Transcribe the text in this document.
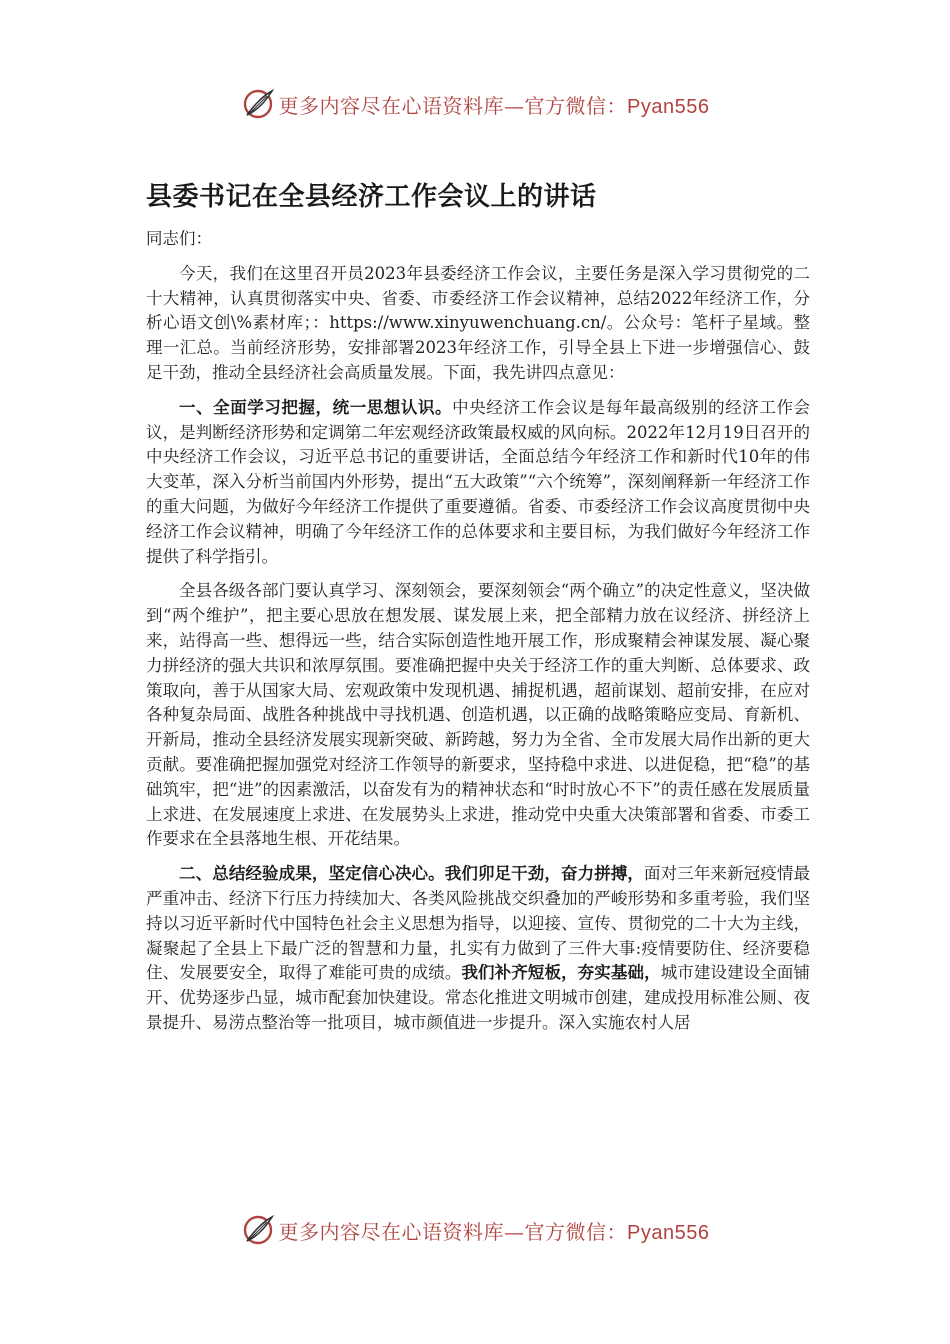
更多内容尽在心语资料库—官方微信：Pyan556
县委书记在全县经济工作会议上的讲话

同志们：

今天，我们在这里召开员2023年县委经济工作会议，主要任务是深入学习贯彻党的二十大精神，认真贯彻落实中央、省委、市委经济工作会议精神，总结2022年经济工作，分析心语文创\%素材库；：https://www.xinyuwenchuang.cn/。公众号：笔杆子星域。整理一汇总。当前经济形势，安排部署2023年经济工作，引导全县上下进一步增强信心、鼓足干劲，推动全县经济社会高质量发展。下面，我先讲四点意见：

一、全面学习把握，统一思想认识。中央经济工作会议是每年最高级别的经济工作会议，是判断经济形势和定调第二年宏观经济政策最权威的风向标。2022年12月19日召开的中央经济工作会议，习近平总书记的重要讲话，全面总结今年经济工作和新时代10年的伟大变革，深入分析当前国内外形势，提出“五大政策”“六个统筹”，深刻阐释新一年经济工作的重大问题，为做好今年经济工作提供了重要遵循。省委、市委经济工作会议高度贯彻中央经济工作会议精神，明确了今年经济工作的总体要求和主要目标，为我们做好今年经济工作提供了科学指引。

全县各级各部门要认真学习、深刻领会，要深刻领会“两个确立”的决定性意义，坚决做到“两个维护”，把主要心思放在想发展、谋发展上来，把全部精力放在议经济、拼经济上来，站得高一些、想得远一些，结合实际创造性地开展工作，形成聚精会神谋发展、凝心聚力拼经济的强大共识和浓厚氛围。要准确把握中央关于经济工作的重大判断、总体要求、政策取向，善于从国家大局、宏观政策中发现机遇、捕捉机遇，超前谋划、超前安排，在应对各种复杂局面、战胜各种挑战中寻找机遇、创造机遇，以正确的战略策略应变局、育新机、开新局，推动全县经济发展实现新突破、新跨越，努力为全省、全市发展大局作出新的更大贡献。要准确把握加强党对经济工作领导的新要求，坚持稳中求进、以进促稳，把“稳”的基础筑牢，把“进”的因素激活，以奋发有为的精神状态和“时时放心不下”的责任感在发展质量上求进、在发展速度上求进、在发展势头上求进，推动党中央重大决策部署和省委、市委工作要求在全县落地生根、开花结果。

二、总结经验成果，坚定信心决心。我们卯足干劲，奋力拼搏，面对三年来新冠疫情最严重冲击、经济下行压力持续加大、各类风险挑战交织叠加的严峻形势和多重考验，我们坚持以习近平新时代中国特色社会主义思想为指导，以迎接、宣传、贯彻党的二十大为主线，凝聚起了全县上下最广泛的智慧和力量，扎实有力做到了三件大事:疫情要防住、经济要稳住、发展要安全，取得了难能可贵的成绩。我们补齐短板，夯实基础，城市建设建设全面铺开、优势逐步凸显，城市配套加快建设。常态化推进文明城市创建，建成投用标准公厕、夜景提升、易涝点整治等一批项目，城市颜值进一步提升。深入实施农村人居

更多内容尽在心语资料库—官方微信：Pyan556
